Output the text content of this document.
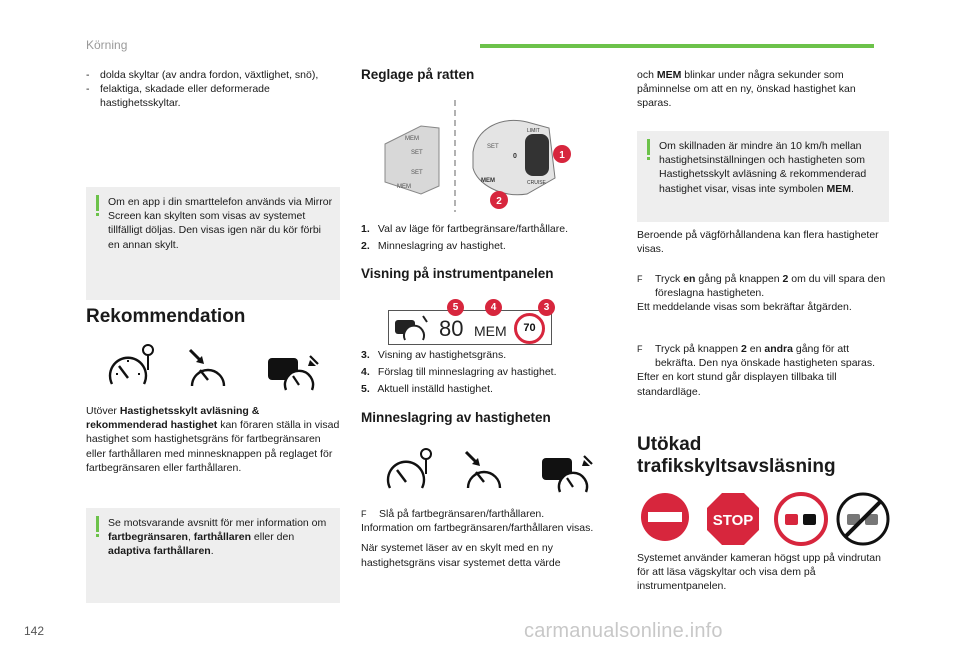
Körning
-	dolda skyltar (av andra fordon, växtlighet, snö),
-	felaktiga, skadade eller deformerade hastighetsskyltar.

Om en app i din smarttelefon används via Mirror Screen kan skylten som visas av systemet tillfälligt döljas. Den visas igen när du kör förbi en annan skylt.

Rekommendation
Utöver Hastighetsskylt avläsning & rekommenderad hastighet kan föraren ställa in visad hastighet som hastighetsgräns för fartbegränsaren eller farthållaren med minnesknappen på reglaget för fartbegränsaren eller farthållaren.

Se motsvarande avsnitt för mer information om fartbegränsaren, farthållaren eller den adaptiva farthållaren.

Reglage på ratten
MEM
SET
SET
MEM
0
LIMIT
CRUISE
SET
MEM
1
2
1. Val av läge för fartbegränsare/farthållare.
2. Minneslagring av hastighet.
Visning på instrumentpanelen
80 MEM	70
5	4	3
3. Visning av hastighetsgräns.
4. Förslag till minneslagring av hastighet.
5. Aktuell inställd hastighet.
Minneslagring av hastigheten
F	Slå på fartbegränsaren/farthållaren.

Information om fartbegränsaren/farthållaren visas.

När systemet läser av en skylt med en ny hastighetsgräns visar systemet detta värde

och MEM blinkar under några sekunder som påminnelse om att en ny, önskad hastighet kan sparas.

Om skillnaden är mindre än 10 km/h mellan hastighetsinställningen och hastigheten som Hastighetsskylt avläsning & rekommenderad hastighet visar, visas inte symbolen MEM.

Beroende på vägförhållandena kan flera hastigheter visas.
F	Tryck en gång på knappen 2 om du vill spara den föreslagna hastigheten.

Ett meddelande visas som bekräftar åtgärden.

F	Tryck på knappen 2 en andra gång för att bekräfta. Den nya önskade hastigheten sparas.

Efter en kort stund går displayen tillbaka till standardläge.

Utökad trafikskyltsavsläsning
STOP
Systemet använder kameran högst upp på vindrutan för att läsa vägskyltar och visa dem på instrumentpanelen.
142	carmanualsonline.info
